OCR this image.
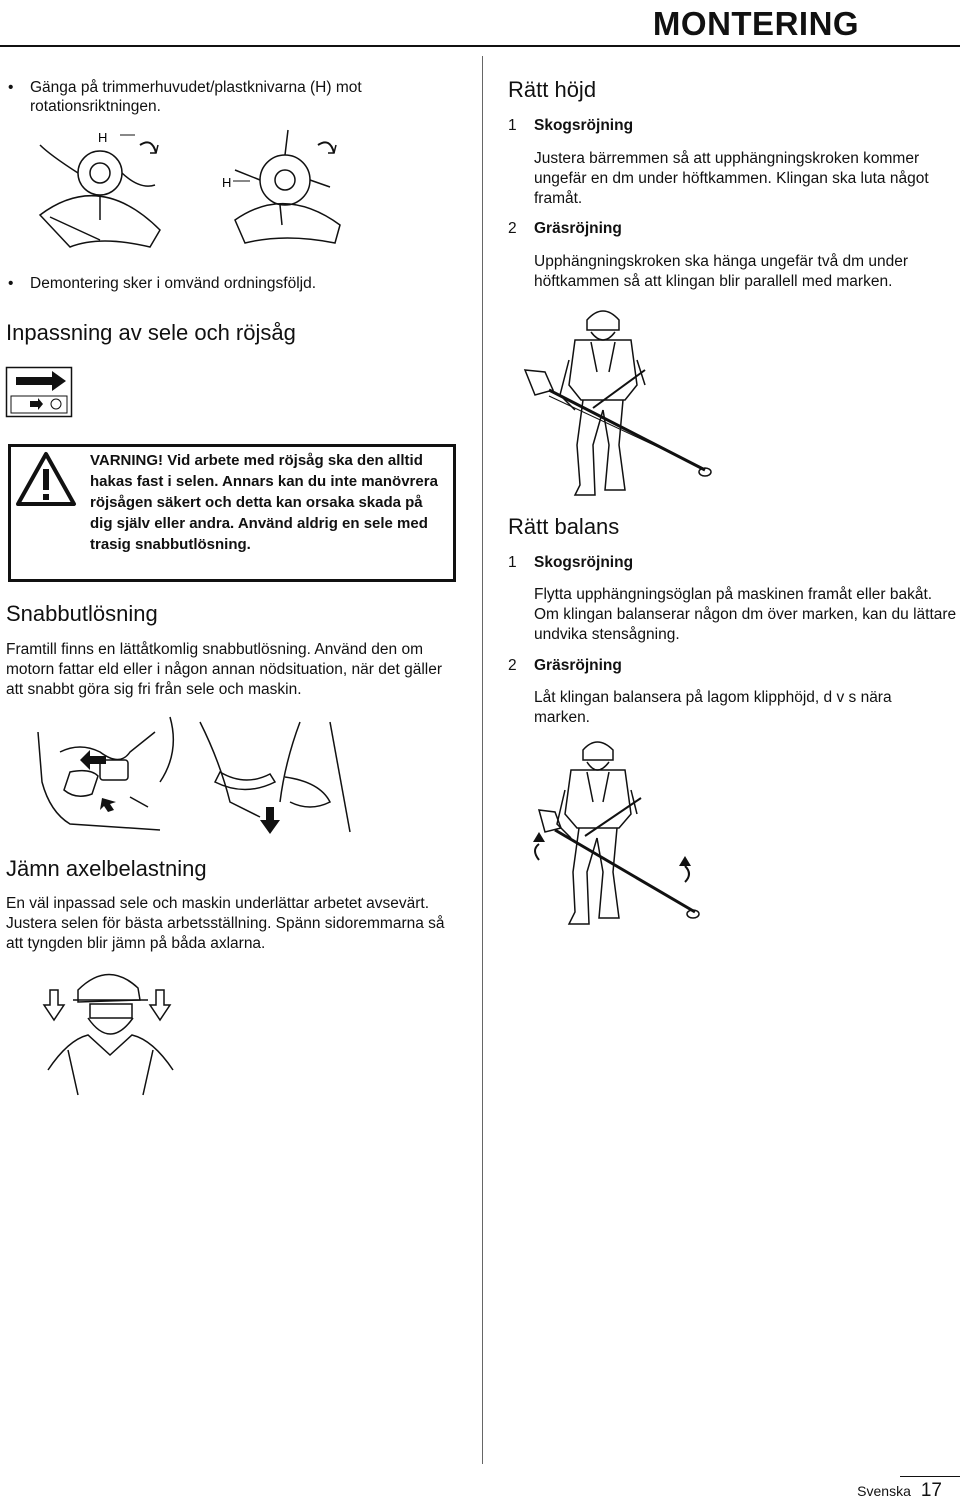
MONTERING
• Gänga på trimmerhuvudet/plastknivarna (H) mot rotationsriktningen.
H
H
• Demontering sker i omvänd ordningsföljd.
Inpassning av sele och röjsåg
VARNING! Vid arbete med röjsåg ska den alltid hakas fast i selen. Annars kan du inte manövrera röjsågen säkert och detta kan orsaka skada på dig själv eller andra. Använd aldrig en sele med trasig snabbutlösning.
Snabbutlösning
Framtill finns en lättåtkomlig snabbutlösning. Använd den om motorn fattar eld eller i någon annan nödsituation, när det gäller att snabbt göra sig fri från sele och maskin.
Jämn axelbelastning
En väl inpassad sele och maskin underlättar arbetet avsevärt. Justera selen för bästa arbetsställning. Spänn sidoremmarna så att tyngden blir jämn på båda axlarna.
Rätt höjd
1 Skogsröjning
Justera bärremmen så att upphängningskroken kommer ungefär en dm under höftkammen. Klingan ska luta något framåt.
2 Gräsröjning
Upphängningskroken ska hänga ungefär två dm under höftkammen så att klingan blir parallell med marken.
Rätt balans
1 Skogsröjning
Flytta upphängningsöglan på maskinen framåt eller bakåt. Om klingan balanserar någon dm över marken, kan du lättare undvika stensågning.
2 Gräsröjning
Låt klingan balansera på lagom klipphöjd, d v s nära marken.
Svenska 17
